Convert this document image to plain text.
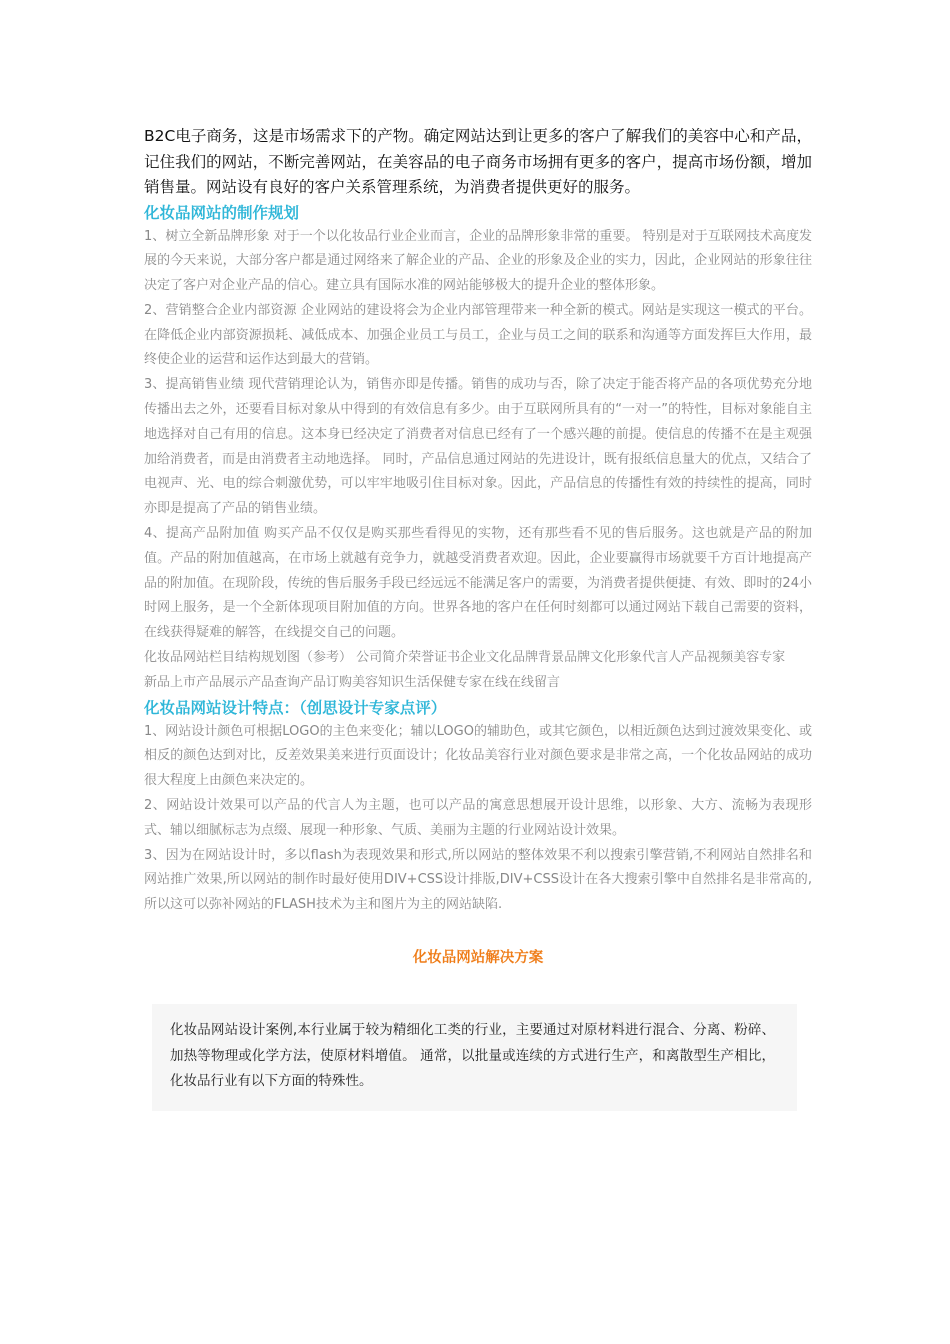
B2C电子商务，这是市场需求下的产物。确定网站达到让更多的客户了解我们的美容中心和产品，记住我们的网站，不断完善网站，在美容品的电子商务市场拥有更多的客户，提高市场份额，增加销售量。网站设有良好的客户关系管理系统，为消费者提供更好的服务。

化妆品网站的制作规划

1、树立全新品牌形象 对于一个以化妆品行业企业而言，企业的品牌形象非常的重要。 特别是对于互联网技术高度发展的今天来说，大部分客户都是通过网络来了解企业的产品、企业的形象及企业的实力，因此，企业网站的形象往往决定了客户对企业产品的信心。建立具有国际水准的网站能够极大的提升企业的整体形象。

2、营销整合企业内部资源 企业网站的建设将会为企业内部管理带来一种全新的模式。网站是实现这一模式的平台。在降低企业内部资源损耗、减低成本、加强企业员工与员工，企业与员工之间的联系和沟通等方面发挥巨大作用，最终使企业的运营和运作达到最大的营销。

3、提高销售业绩 现代营销理论认为，销售亦即是传播。销售的成功与否，除了决定于能否将产品的各项优势充分地传播出去之外，还要看目标对象从中得到的有效信息有多少。由于互联网所具有的“一对一”的特性，目标对象能自主地选择对自己有用的信息。这本身已经决定了消费者对信息已经有了一个感兴趣的前提。使信息的传播不在是主观强加给消费者，而是由消费者主动地选择。 同时，产品信息通过网站的先进设计，既有报纸信息量大的优点，又结合了电视声、光、电的综合刺激优势，可以牢牢地吸引住目标对象。因此，产品信息的传播性有效的持续性的提高，同时亦即是提高了产品的销售业绩。

4、提高产品附加值 购买产品不仅仅是购买那些看得见的实物，还有那些看不见的售后服务。这也就是产品的附加值。产品的附加值越高，在市场上就越有竞争力，就越受消费者欢迎。因此，企业要赢得市场就要千方百计地提高产品的附加值。在现阶段，传统的售后服务手段已经远远不能满足客户的需要，为消费者提供便捷、有效、即时的24小时网上服务，是一个全新体现项目附加值的方向。世界各地的客户在任何时刻都可以通过网站下载自己需要的资料，在线获得疑难的解答，在线提交自己的问题。

化妆品网站栏目结构规划图（参考） 公司简介荣誉证书企业文化品牌背景品牌文化形象代言人产品视频美容专家

新品上市产品展示产品查询产品订购美容知识生活保健专家在线在线留言

化妆品网站设计特点：（创思设计专家点评）

1、网站设计颜色可根据LOGO的主色来变化；辅以LOGO的辅助色，或其它颜色，以相近颜色达到过渡效果变化、或相反的颜色达到对比，反差效果美来进行页面设计；化妆品美容行业对颜色要求是非常之高，一个化妆品网站的成功很大程度上由颜色来决定的。

2、网站设计效果可以产品的代言人为主题，也可以产品的寓意思想展开设计思维，以形象、大方、流畅为表现形式、辅以细腻标志为点缀、展现一种形象、气质、美丽为主题的行业网站设计效果。

3、因为在网站设计时，多以flash为表现效果和形式,所以网站的整体效果不利以搜索引擎营销,不利网站自然排名和网站推广效果,所以网站的制作时最好使用DIV+CSS设计排版,DIV+CSS设计在各大搜索引擎中自然排名是非常高的,所以这可以弥补网站的FLASH技术为主和图片为主的网站缺陷.

化妆品网站解决方案

化妆品网站设计案例,本行业属于较为精细化工类的行业，主要通过对原材料进行混合、分离、粉碎、加热等物理或化学方法，使原材料增值。 通常，以批量或连续的方式进行生产，和离散型生产相比，化妆品行业有以下方面的特殊性。
